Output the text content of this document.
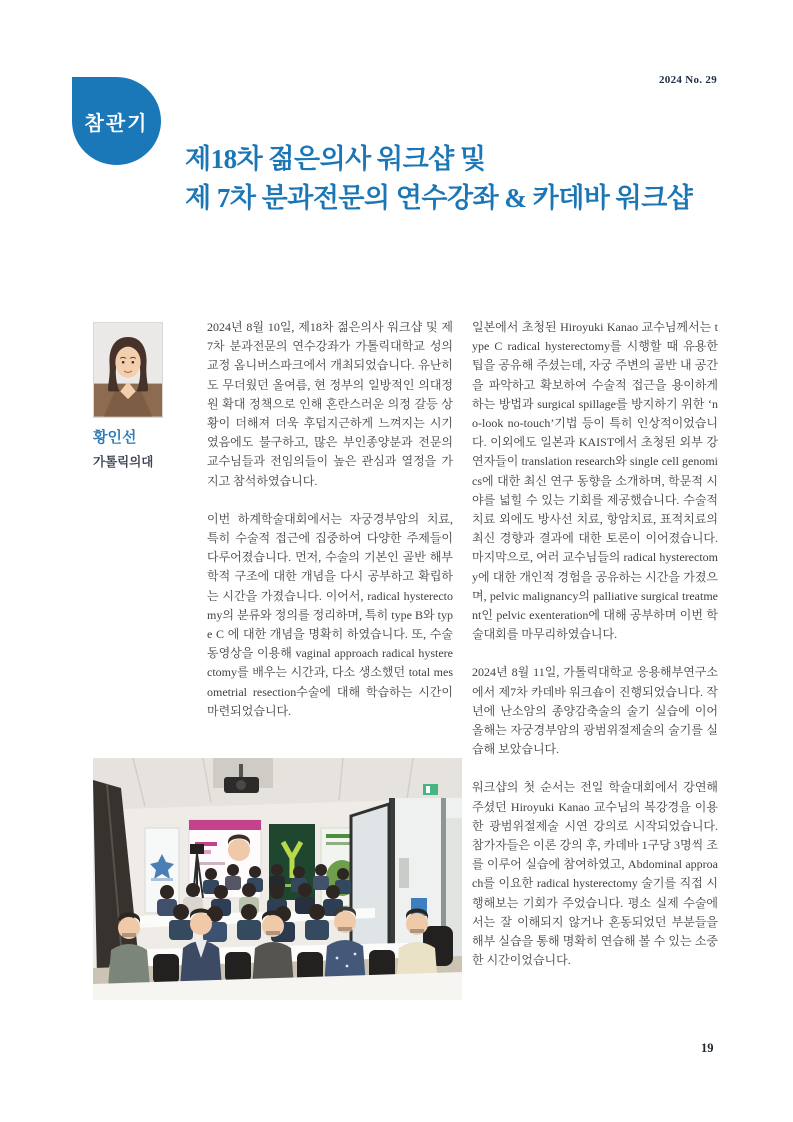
2024 No. 29
참관기
제18차 젊은의사 워크샵 및
제 7차 분과전문의 연수강좌 & 카데바 워크샵
황인선
가톨릭의대

2024년 8월 10일, 제18차 젊은의사 워크샵 및 제 7차 분과전문의 연수강좌가 가톨릭대학교 성의교정 옴니버스파크에서 개최되었습니다. 유난히도 무더웠던 올여름, 현 정부의 일방적인 의대정원 확대 정책으로 인해 혼란스러운 의정 갈등 상황이 더해져 더욱 후덥지근하게 느껴지는 시기였음에도 불구하고, 많은 부인종양분과 전문의 교수님들과 전임의들이 높은 관심과 열정을 가지고 참석하였습니다.

이번 하계학술대회에서는 자궁경부암의 치료, 특히 수술적 접근에 집중하여 다양한 주제들이 다루어졌습니다. 먼저, 수술의 기본인 골반 해부학적 구조에 대한 개념을 다시 공부하고 확립하는 시간을 가졌습니다. 이어서, radical hysterectomy의 분류와 정의를 정리하며, 특히 type B와 type C 에 대한 개념을 명확히 하였습니다. 또, 수술 동영상을 이용해 vaginal approach radical hysterectomy를 배우는 시간과, 다소 생소했던 total mesometrial resection수술에 대해 학습하는 시간이 마련되었습니다.

일본에서 초청된 Hiroyuki Kanao 교수님께서는 type C radical hysterectomy를 시행할 때 유용한 팁을 공유해 주셨는데, 자궁 주변의 골반 내 공간을 파악하고 확보하여 수술적 접근을 용이하게 하는 방법과 surgical spillage를 방지하기 위한 ‘no-look no-touch’기법 등이 특히 인상적이었습니다. 이외에도 일본과 KAIST에서 초청된 외부 강연자들이 translation research와 single cell genomics에 대한 최신 연구 동향을 소개하며, 학문적 시야를 넓힐 수 있는 기회를 제공했습니다. 수술적 치료 외에도 방사선 치료, 항암치료, 표적치료의 최신 경향과 결과에 대한 토론이 이어졌습니다. 마지막으로, 여러 교수님들의 radical hysterectomy에 대한 개인적 경험을 공유하는 시간을 가졌으며, pelvic malignancy의 palliative surgical treatment인 pelvic exenteration에 대해 공부하며 이번 학술대회를 마무리하였습니다.

2024년 8월 11일, 가톨릭대학교 응용해부연구소에서 제7차 카데바 워크숍이 진행되었습니다. 작년에 난소암의 종양감축술의 술기 실습에 이어 올해는 자궁경부암의 광범위절제술의 술기를 실습해 보았습니다.

워크샵의 첫 순서는 전일 학술대회에서 강연해 주셨던 Hiroyuki Kanao 교수님의 복강경을 이용한 광범위절제술 시연 강의로 시작되었습니다. 참가자들은 이론 강의 후, 카데바 1구당 3명씩 조를 이루어 실습에 참여하였고, Abdominal approach를 이요한 radical hysterectomy 술기를 직접 시행해보는 기회가 주었습니다. 평소 실제 수술에서는 잘 이해되지 않거나 혼동되었던 부분들을 해부 실습을 통해 명확히 연습해 볼 수 있는 소중한 시간이었습니다.

19
